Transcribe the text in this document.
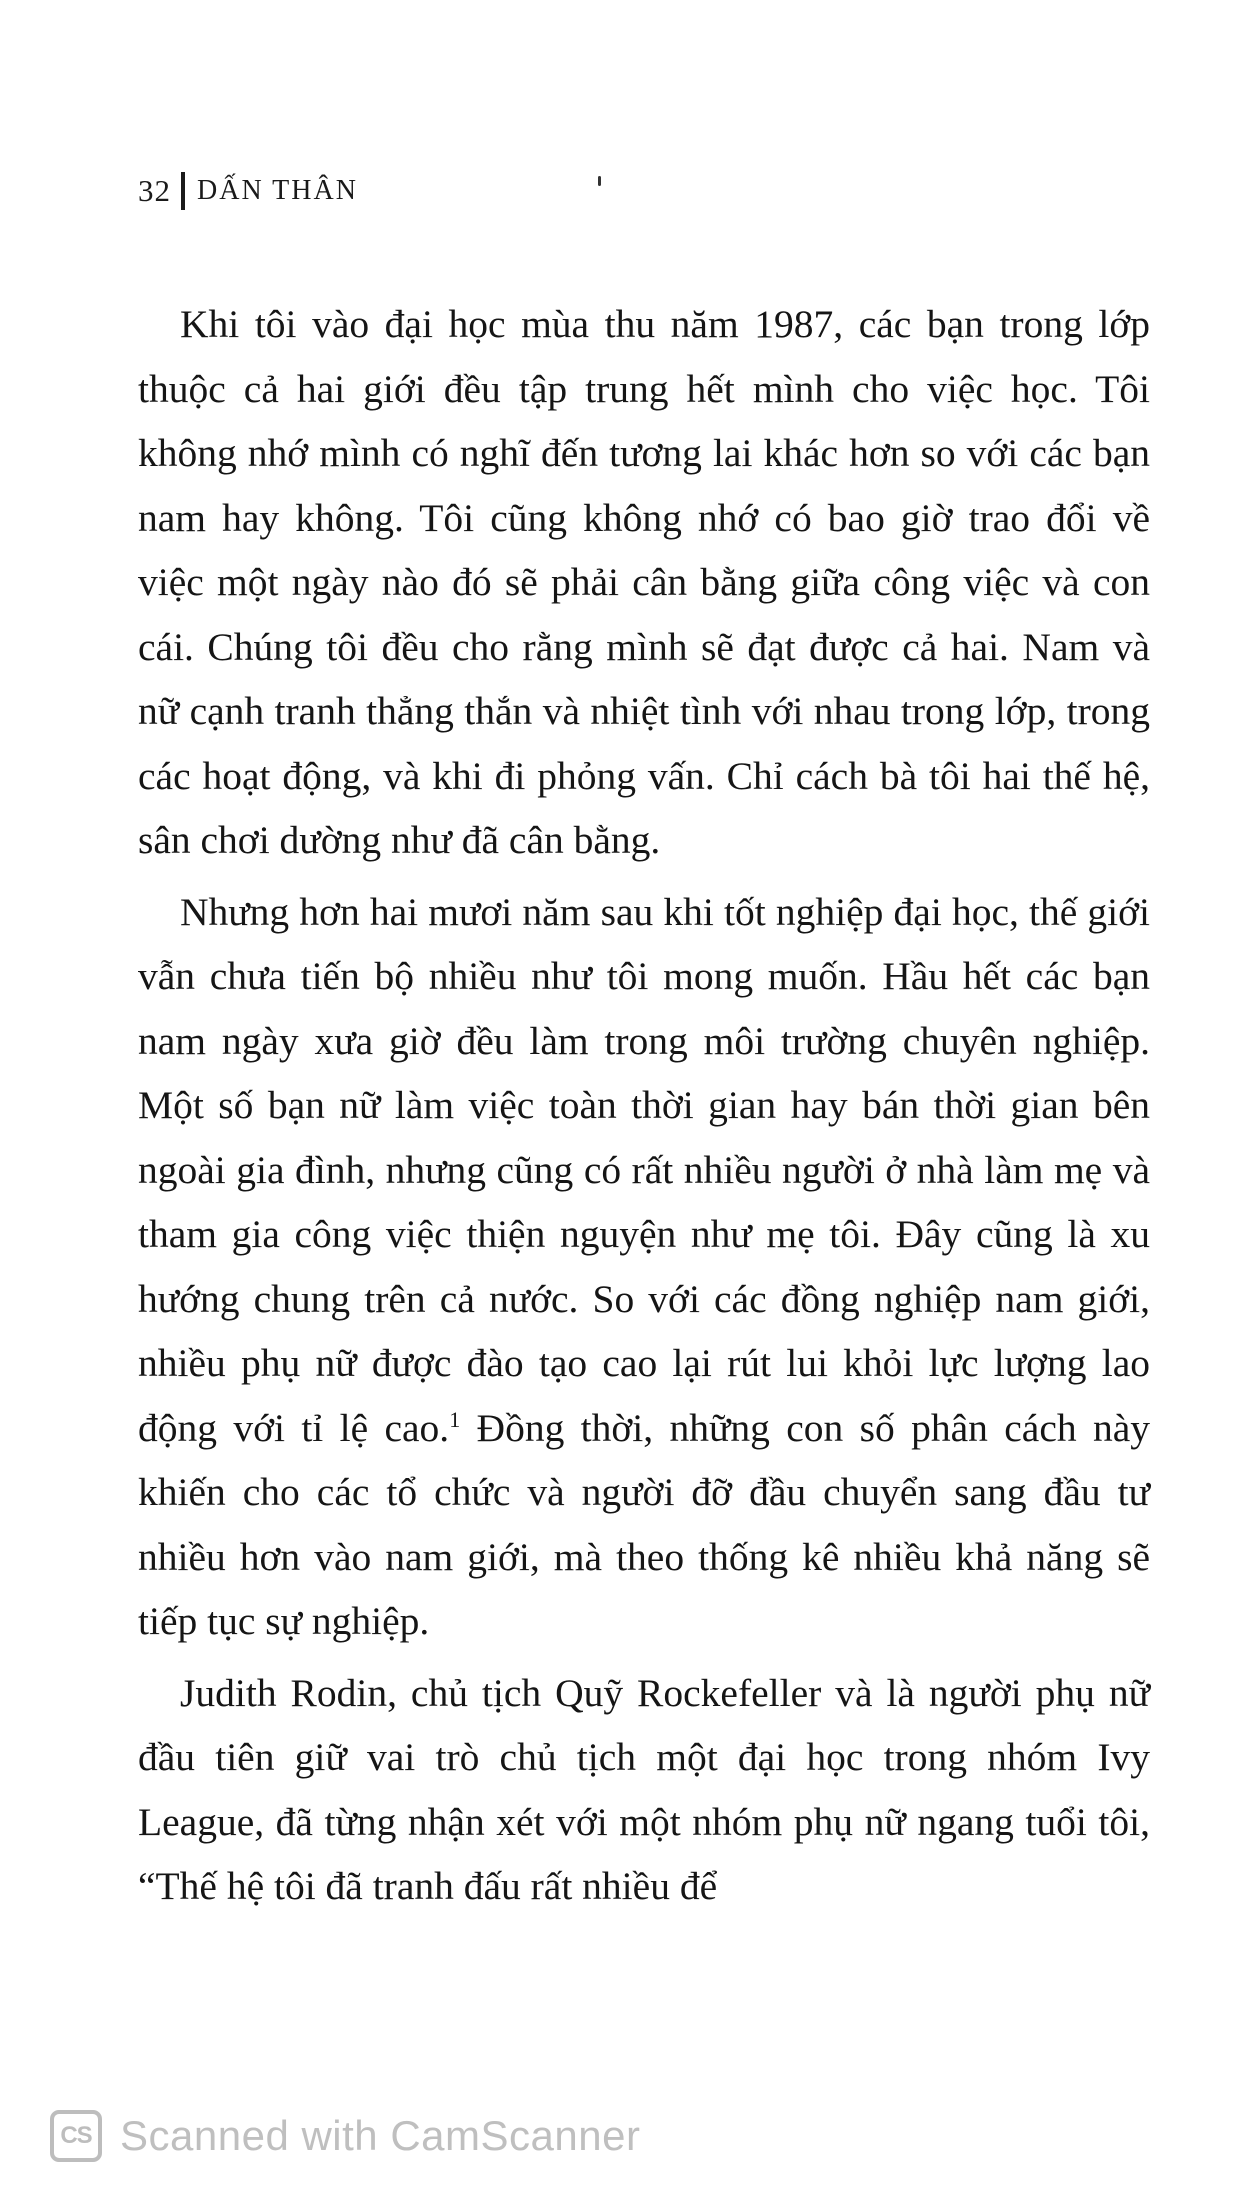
32 DẤN THÂN

Khi tôi vào đại học mùa thu năm 1987, các bạn trong lớp thuộc cả hai giới đều tập trung hết mình cho việc học. Tôi không nhớ mình có nghĩ đến tương lai khác hơn so với các bạn nam hay không. Tôi cũng không nhớ có bao giờ trao đổi về việc một ngày nào đó sẽ phải cân bằng giữa công việc và con cái. Chúng tôi đều cho rằng mình sẽ đạt được cả hai. Nam và nữ cạnh tranh thẳng thắn và nhiệt tình với nhau trong lớp, trong các hoạt động, và khi đi phỏng vấn. Chỉ cách bà tôi hai thế hệ, sân chơi dường như đã cân bằng.

Nhưng hơn hai mươi năm sau khi tốt nghiệp đại học, thế giới vẫn chưa tiến bộ nhiều như tôi mong muốn. Hầu hết các bạn nam ngày xưa giờ đều làm trong môi trường chuyên nghiệp. Một số bạn nữ làm việc toàn thời gian hay bán thời gian bên ngoài gia đình, nhưng cũng có rất nhiều người ở nhà làm mẹ và tham gia công việc thiện nguyện như mẹ tôi. Đây cũng là xu hướng chung trên cả nước. So với các đồng nghiệp nam giới, nhiều phụ nữ được đào tạo cao lại rút lui khỏi lực lượng lao động với tỉ lệ cao.$^1$ Đồng thời, những con số phân cách này khiến cho các tổ chức và người đỡ đầu chuyển sang đầu tư nhiều hơn vào nam giới, mà theo thống kê nhiều khả năng sẽ tiếp tục sự nghiệp.

Judith Rodin, chủ tịch Quỹ Rockefeller và là người phụ nữ đầu tiên giữ vai trò chủ tịch một đại học trong nhóm Ivy League, đã từng nhận xét với một nhóm phụ nữ ngang tuổi tôi, “Thế hệ tôi đã tranh đấu rất nhiều để

CS Scanned with CamScanner
